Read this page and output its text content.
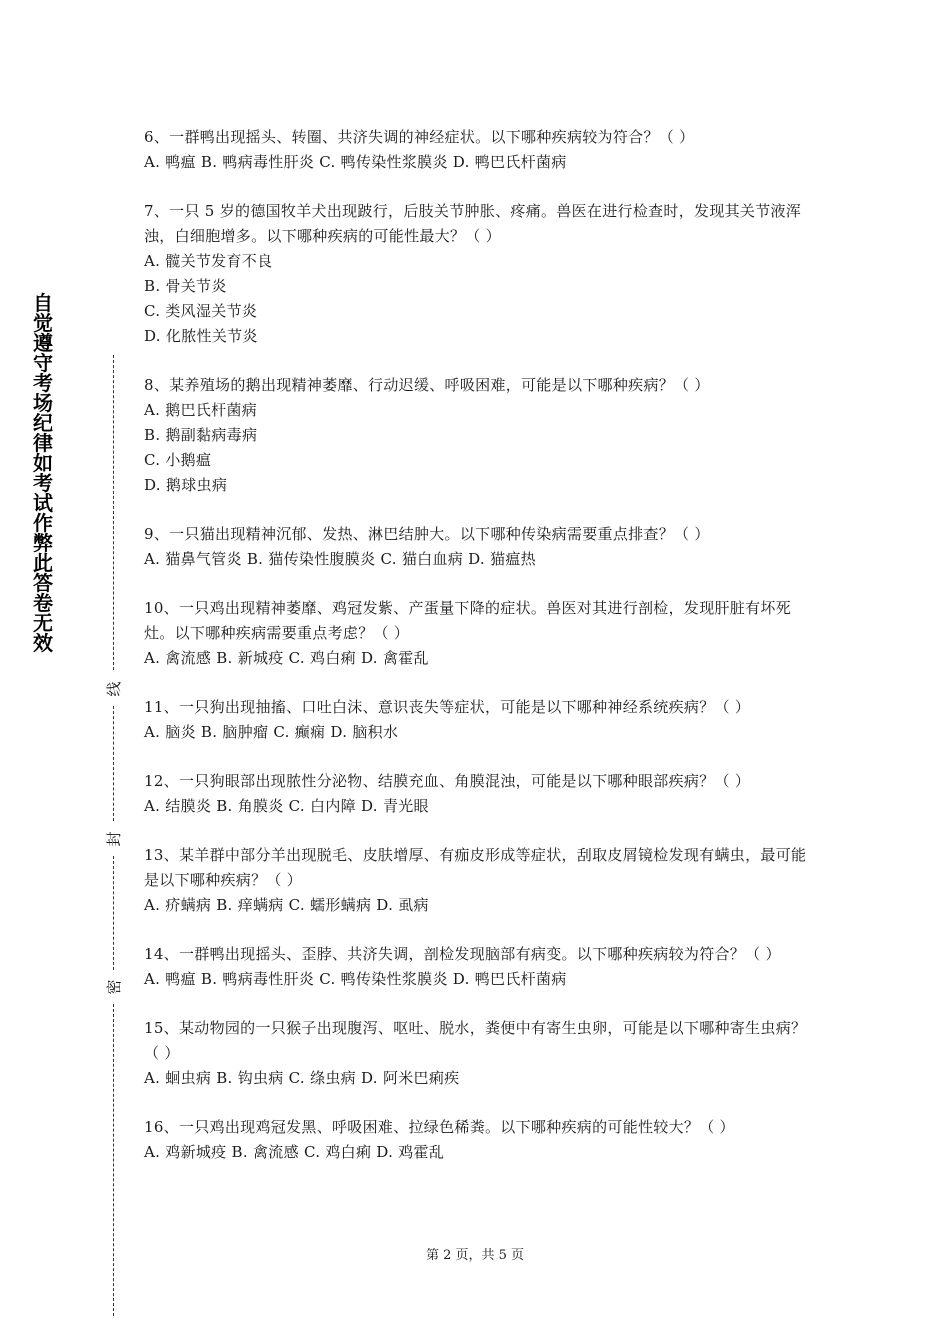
自觉遵守考场纪律如考试作弊此答卷无效
线
封
密

6、一群鸭出现摇头、转圈、共济失调的神经症状。以下哪种疾病较为符合？（ ）

A. 鸭瘟 B. 鸭病毒性肝炎 C. 鸭传染性浆膜炎 D. 鸭巴氏杆菌病

7、一只 5 岁的德国牧羊犬出现跛行，后肢关节肿胀、疼痛。兽医在进行检查时，发现其关节液浑浊，白细胞增多。以下哪种疾病的可能性最大？（ ）

A. 髋关节发育不良
B. 骨关节炎
C. 类风湿关节炎
D. 化脓性关节炎

8、某养殖场的鹅出现精神萎靡、行动迟缓、呼吸困难，可能是以下哪种疾病？（ ）

A. 鹅巴氏杆菌病
B. 鹅副黏病毒病
C. 小鹅瘟
D. 鹅球虫病

9、一只猫出现精神沉郁、发热、淋巴结肿大。以下哪种传染病需要重点排查？（ ）

A. 猫鼻气管炎 B. 猫传染性腹膜炎 C. 猫白血病 D. 猫瘟热

10、一只鸡出现精神萎靡、鸡冠发紫、产蛋量下降的症状。兽医对其进行剖检，发现肝脏有坏死灶。以下哪种疾病需要重点考虑？（ ）

A. 禽流感 B. 新城疫 C. 鸡白痢 D. 禽霍乱

11、一只狗出现抽搐、口吐白沫、意识丧失等症状，可能是以下哪种神经系统疾病？（ ）

A. 脑炎 B. 脑肿瘤 C. 癫痫 D. 脑积水

12、一只狗眼部出现脓性分泌物、结膜充血、角膜混浊，可能是以下哪种眼部疾病？（ ）

A. 结膜炎 B. 角膜炎 C. 白内障 D. 青光眼

13、某羊群中部分羊出现脱毛、皮肤增厚、有痂皮形成等症状，刮取皮屑镜检发现有螨虫，最可能是以下哪种疾病？（ ）

A. 疥螨病 B. 痒螨病 C. 蠕形螨病 D. 虱病

14、一群鸭出现摇头、歪脖、共济失调，剖检发现脑部有病变。以下哪种疾病较为符合？（ ）

A. 鸭瘟 B. 鸭病毒性肝炎 C. 鸭传染性浆膜炎 D. 鸭巴氏杆菌病

15、某动物园的一只猴子出现腹泻、呕吐、脱水，粪便中有寄生虫卵，可能是以下哪种寄生虫病？（ ）

A. 蛔虫病 B. 钩虫病 C. 绦虫病 D. 阿米巴痢疾

16、一只鸡出现鸡冠发黑、呼吸困难、拉绿色稀粪。以下哪种疾病的可能性较大？（ ）

A. 鸡新城疫 B. 禽流感 C. 鸡白痢 D. 鸡霍乱

第 2 页，共 5 页
